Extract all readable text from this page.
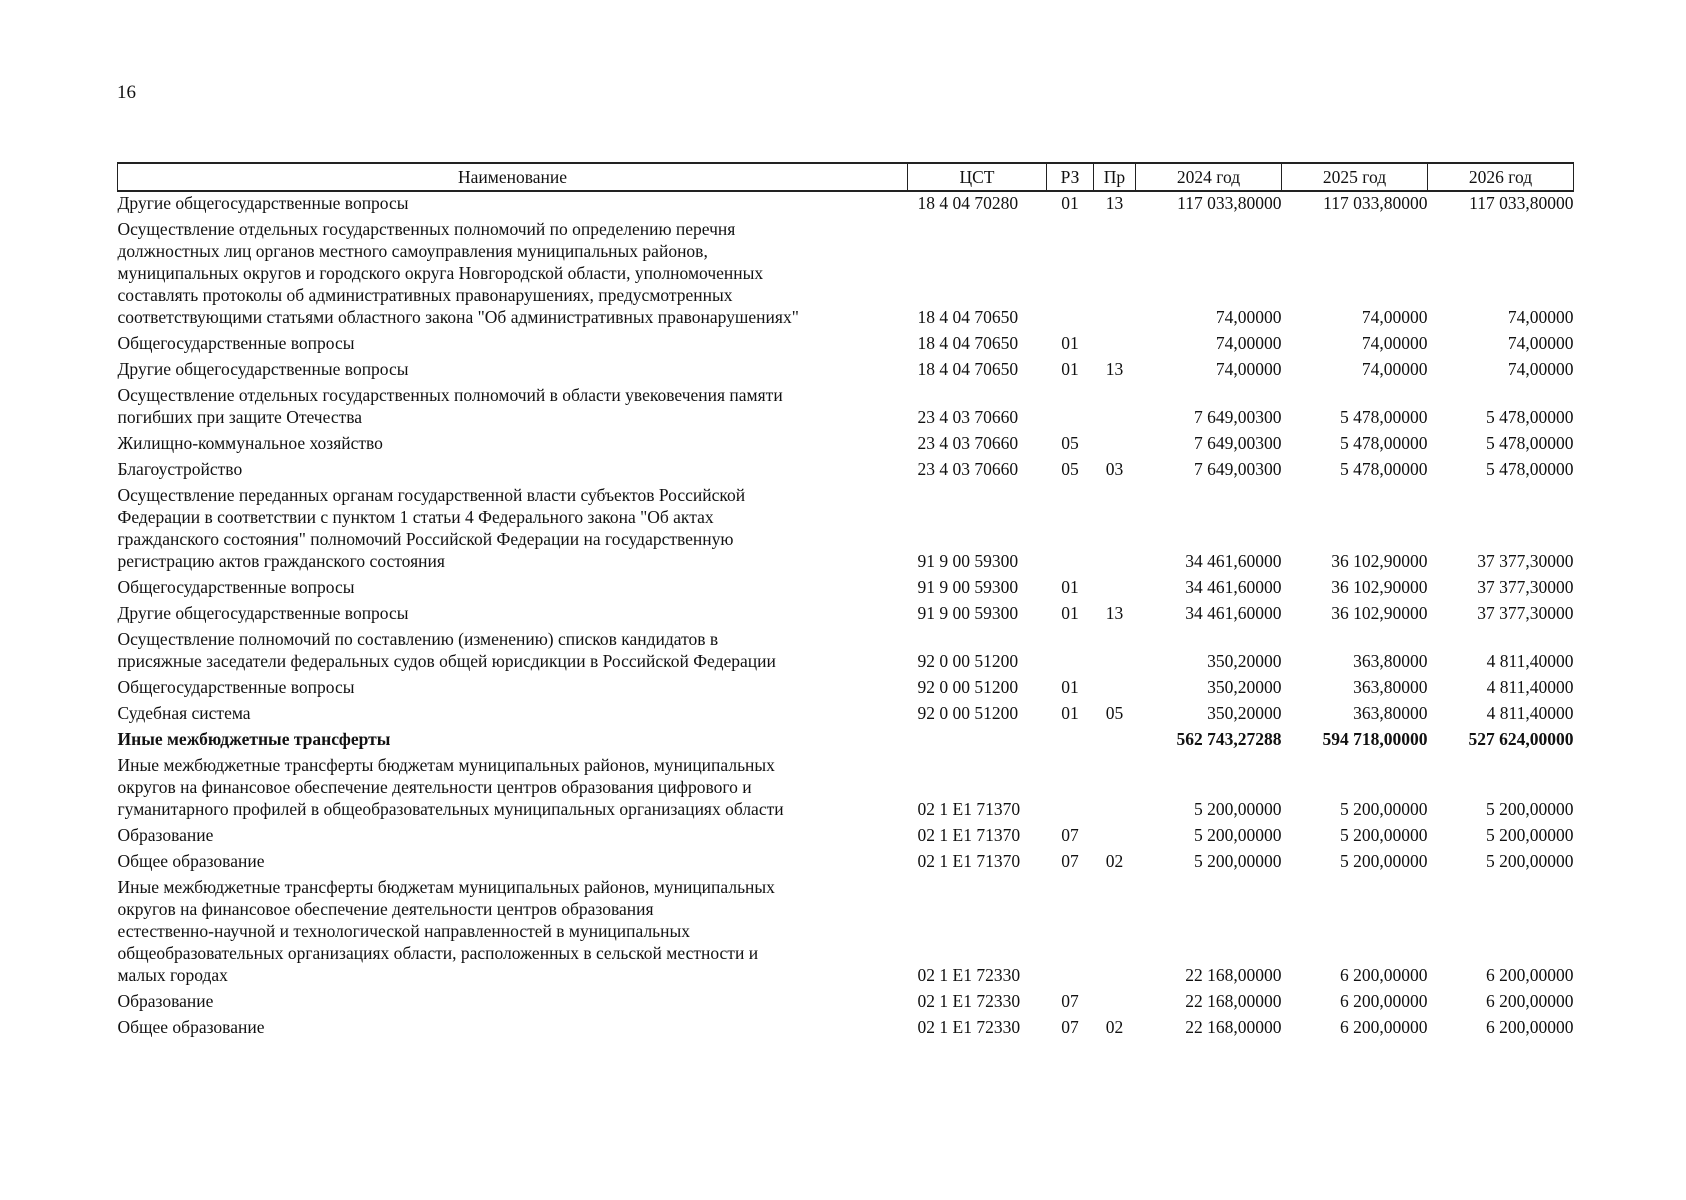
16
Наименование	ЦСТ	РЗ	Пр	2024 год	2025 год	2026 год

Другие общегосударственные вопросы	18 4 04 70280	01	13	117 033,80000	117 033,80000	117 033,80000

Осуществление отдельных государственных полномочий по определению перечня
должностных лиц органов местного самоуправления муниципальных районов,
муниципальных округов и городского округа Новгородской области, уполномоченных
составлять протоколы об административных правонарушениях, предусмотренных
соответствующими статьями областного закона "Об административных правонарушениях"	18 4 04 70650			74,00000	74,00000	74,00000

Общегосударственные вопросы	18 4 04 70650	01		74,00000	74,00000	74,00000

Другие общегосударственные вопросы	18 4 04 70650	01	13	74,00000	74,00000	74,00000

Осуществление отдельных государственных полномочий в области увековечения памяти
погибших при защите Отечества	23 4 03 70660			7 649,00300	5 478,00000	5 478,00000

Жилищно-коммунальное хозяйство	23 4 03 70660	05		7 649,00300	5 478,00000	5 478,00000

Благоустройство	23 4 03 70660	05	03	7 649,00300	5 478,00000	5 478,00000

Осуществление переданных органам государственной власти субъектов Российской
Федерации в соответствии с пунктом 1 статьи 4 Федерального закона "Об актах
гражданского состояния" полномочий Российской Федерации на государственную
регистрацию актов гражданского состояния	91 9 00 59300			34 461,60000	36 102,90000	37 377,30000

Общегосударственные вопросы	91 9 00 59300	01		34 461,60000	36 102,90000	37 377,30000

Другие общегосударственные вопросы	91 9 00 59300	01	13	34 461,60000	36 102,90000	37 377,30000

Осуществление полномочий по составлению (изменению) списков кандидатов в
присяжные заседатели федеральных судов общей юрисдикции в Российской Федерации	92 0 00 51200			350,20000	363,80000	4 811,40000

Общегосударственные вопросы	92 0 00 51200	01		350,20000	363,80000	4 811,40000

Судебная система	92 0 00 51200	01	05	350,20000	363,80000	4 811,40000

Иные межбюджетные трансферты				562 743,27288	594 718,00000	527 624,00000

Иные межбюджетные трансферты бюджетам муниципальных районов, муниципальных
округов на финансовое обеспечение деятельности центров образования цифрового и
гуманитарного профилей в общеобразовательных муниципальных организациях области	02 1 E1 71370			5 200,00000	5 200,00000	5 200,00000

Образование	02 1 E1 71370	07		5 200,00000	5 200,00000	5 200,00000

Общее образование	02 1 E1 71370	07	02	5 200,00000	5 200,00000	5 200,00000

Иные межбюджетные трансферты бюджетам муниципальных районов, муниципальных
округов на финансовое обеспечение деятельности центров образования
естественно-научной и технологической направленностей в муниципальных
общеобразовательных организациях области, расположенных в сельской местности и
малых городах	02 1 E1 72330			22 168,00000	6 200,00000	6 200,00000

Образование	02 1 E1 72330	07		22 168,00000	6 200,00000	6 200,00000

Общее образование	02 1 E1 72330	07	02	22 168,00000	6 200,00000	6 200,00000
